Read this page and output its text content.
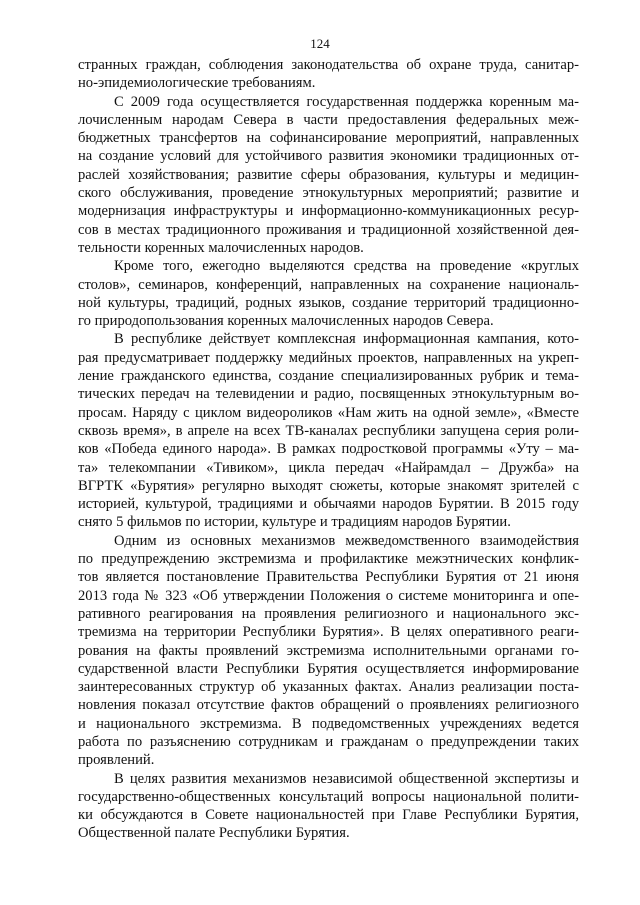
124
странных граждан, соблюдения законодательства об охране труда, санитар-
но-эпидемиологические требованиям.
С 2009 года осуществляется государственная поддержка коренным ма-
лочисленным народам Севера в части предоставления федеральных меж-
бюджетных трансфертов на софинансирование мероприятий, направленных
на создание условий для устойчивого развития экономики традиционных от-
раслей хозяйствования; развитие сферы образования, культуры и медицин-
ского обслуживания, проведение этнокультурных мероприятий; развитие и
модернизация инфраструктуры и информационно-коммуникационных ресур-
сов в местах традиционного проживания и традиционной хозяйственной дея-
тельности коренных малочисленных народов.
Кроме того, ежегодно выделяются средства на проведение «круглых
столов», семинаров, конференций, направленных на сохранение националь-
ной культуры, традиций, родных языков, создание территорий традиционно-
го природопользования коренных малочисленных народов Севера.
В республике действует комплексная информационная кампания, кото-
рая предусматривает поддержку медийных проектов, направленных на укреп-
ление гражданского единства, создание специализированных рубрик и тема-
тических передач на телевидении и радио, посвященных этнокультурным во-
просам. Наряду с циклом видеороликов «Нам жить на одной земле», «Вместе
сквозь время», в апреле на всех ТВ-каналах республики запущена серия роли-
ков «Победа единого народа». В рамках подростковой программы «Уту – ма-
та» телекомпании «Тивиком», цикла передач «Найрамдал – Дружба» на
ВГРТК «Бурятия» регулярно выходят сюжеты, которые знакомят зрителей с
историей, культурой, традициями и обычаями народов Бурятии. В 2015 году
снято 5 фильмов по истории, культуре и традициям народов Бурятии.
Одним из основных механизмов межведомственного взаимодействия
по предупреждению экстремизма и профилактике межэтнических конфлик-
тов является постановление Правительства Республики Бурятия от 21 июня
2013 года № 323 «Об утверждении Положения о системе мониторинга и опе-
ративного реагирования на проявления религиозного и национального экс-
тремизма на территории Республики Бурятия». В целях оперативного реаги-
рования на факты проявлений экстремизма исполнительными органами го-
сударственной власти Республики Бурятия осуществляется информирование
заинтересованных структур об указанных фактах. Анализ реализации поста-
новления показал отсутствие фактов обращений о проявлениях религиозного
и национального экстремизма. В подведомственных учреждениях ведется
работа по разъяснению сотрудникам и гражданам о предупреждении таких
проявлений.
В целях развития механизмов независимой общественной экспертизы и
государственно-общественных консультаций вопросы национальной полити-
ки обсуждаются в Совете национальностей при Главе Республики Бурятия,
Общественной палате Республики Бурятия.
